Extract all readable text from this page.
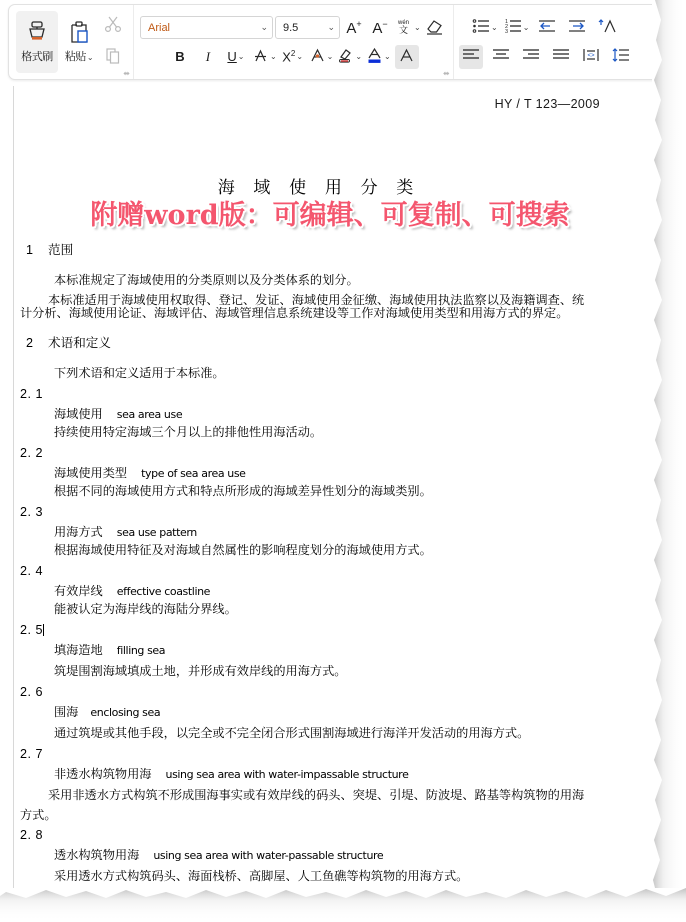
格式刷 粘贴⌄
⬌
Arial	⌄ 9.5	⌄ A+ A− wén
文 ⌄
B I U ⌄	⌄ $X^2$ ⌄	⌄	⌄	⌄
⬌
⌄
1
2
3 ⌄
<>
HY / T 123—2009
海 域 使 用 分 类
附赠word版：可编辑、可复制、可搜索
1 范围

本标准规定了海域使用的分类原则以及分类体系的划分。

本标准适用于海域使用权取得、登记、发证、海域使用金征缴、海域使用执法监察以及海籍调查、统

计分析、海域使用论证、海域评估、海域管理信息系统建设等工作对海域使用类型和用海方式的界定。

2 术语和定义

下列术语和定义适用于本标准。

2. 1
海域使用 sea area use
持续使用特定海域三个月以上的排他性用海活动。
2. 2
海域使用类型 type of sea area use
根据不同的海域使用方式和特点所形成的海域差异性划分的海域类别。
2. 3
用海方式 sea use pattern
根据海域使用特征及对海域自然属性的影响程度划分的海域使用方式。
2. 4
有效岸线 effective coastline
能被认定为海岸线的海陆分界线。
2. 5
填海造地 filling sea
筑堤围割海域填成土地，并形成有效岸线的用海方式。
2. 6
围海 enclosing sea
通过筑堤或其他手段，以完全或不完全闭合形式围割海域进行海洋开发活动的用海方式。
2. 7
非透水构筑物用海 using sea area with water-impassable structure
采用非透水方式构筑不形成围海事实或有效岸线的码头、突堤、引堤、防波堤、路基等构筑物的用海
方式。
2. 8
透水构筑物用海 using sea area with water-passable structure
采用透水方式构筑码头、海面栈桥、高脚屋、人工鱼礁等构筑物的用海方式。
